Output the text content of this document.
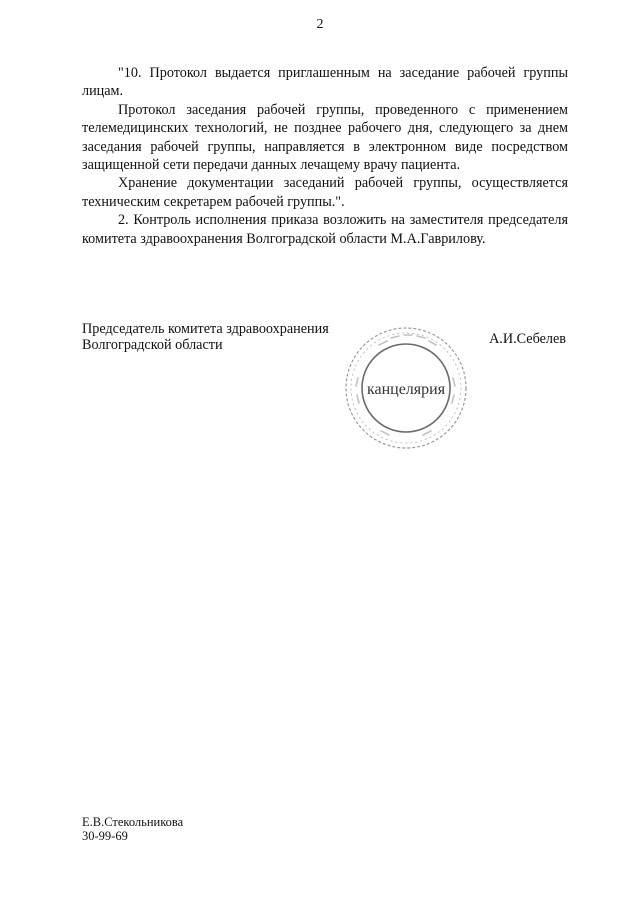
2

"10. Протокол выдается приглашенным на заседание рабочей группы лицам.

Протокол заседания рабочей группы, проведенного с применением телемедицинских технологий, не позднее рабочего дня, следующего за днем заседания рабочей группы, направляется в электронном виде посредством защищенной сети передачи данных лечащему врачу пациента.

Хранение документации заседаний рабочей группы, осуществляется техническим секретарем рабочей группы.".

2. Контроль исполнения приказа возложить на заместителя председателя комитета здравоохранения Волгоградской области М.А.Гаврилову.

Председатель комитета здравоохранения
Волгоградской области	А.И.Себелев
канцелярия
Е.В.Стекольникова
30-99-69
